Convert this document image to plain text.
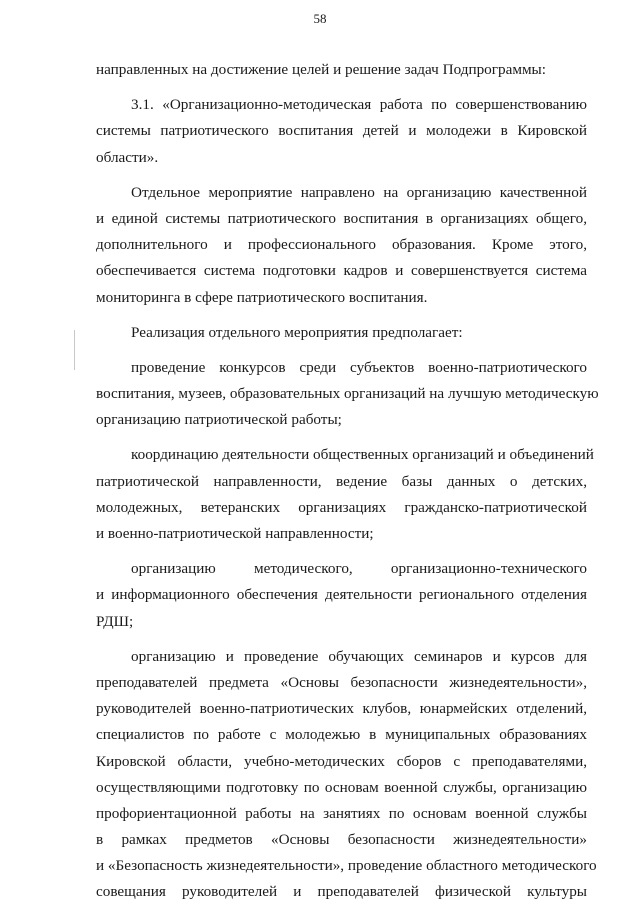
58
направленных на достижение целей и решение задач Подпрограммы:
3.1. «Организационно-методическая работа по совершенствованию
системы патриотического воспитания детей и молодежи в Кировской
области».
Отдельное мероприятие направлено на организацию качественной
и единой системы патриотического воспитания в организациях общего,
дополнительного и профессионального образования. Кроме этого,
обеспечивается система подготовки кадров и совершенствуется система
мониторинга в сфере патриотического воспитания.
Реализация отдельного мероприятия предполагает:
проведение конкурсов среди субъектов военно-патриотического
воспитания, музеев, образовательных организаций на лучшую методическую
организацию патриотической работы;
координацию деятельности общественных организаций и объединений
патриотической направленности, ведение базы данных о детских,
молодежных, ветеранских организациях гражданско-патриотической
и военно-патриотической направленности;
организацию методического, организационно-технического
и информационного обеспечения деятельности регионального отделения
РДШ;
организацию и проведение обучающих семинаров и курсов для
преподавателей предмета «Основы безопасности жизнедеятельности»,
руководителей военно-патриотических клубов, юнармейских отделений,
специалистов по работе с молодежью в муниципальных образованиях
Кировской области, учебно-методических сборов с преподавателями,
осуществляющими подготовку по основам военной службы, организацию
профориентационной работы на занятиях по основам военной службы
в рамках предметов «Основы безопасности жизнедеятельности»
и «Безопасность жизнедеятельности», проведение областного методического
совещания руководителей и преподавателей физической культуры
